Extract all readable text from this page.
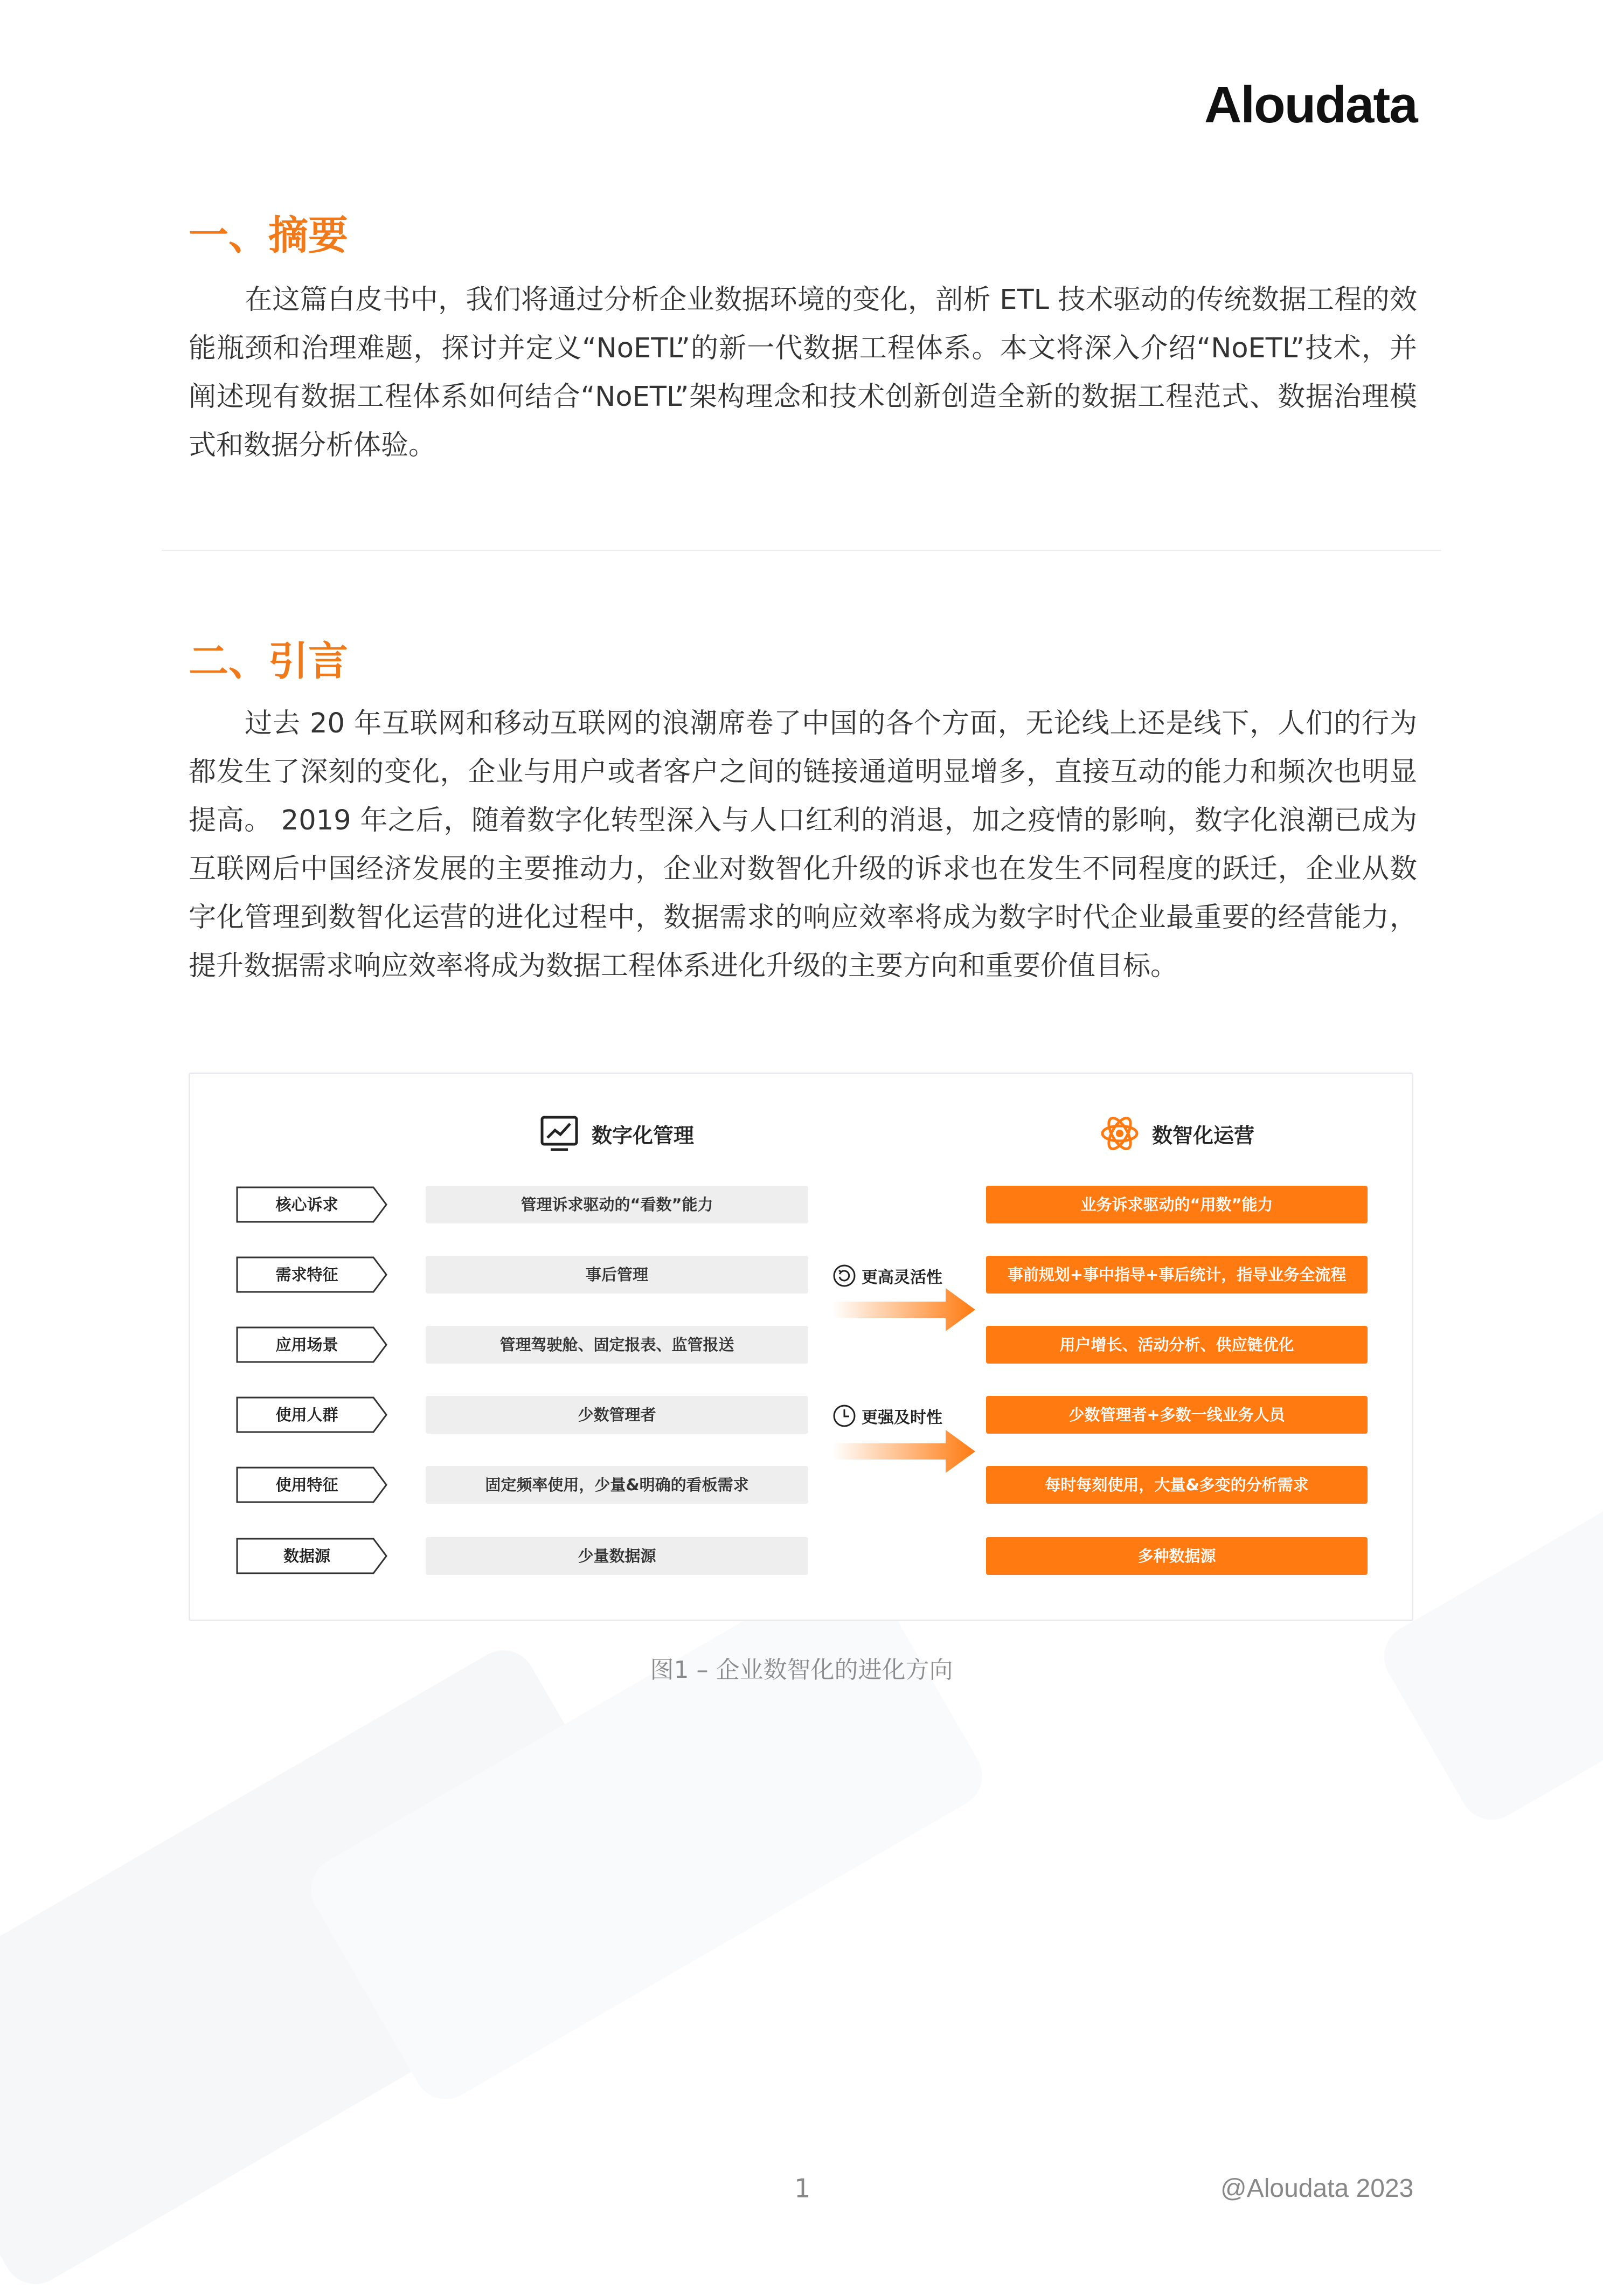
Aloudata
一、摘要

在这篇白皮书中，我们将通过分析企业数据环境的变化，剖析 ETL 技术驱动的传统数据工程的效能瓶颈和治理难题，探讨并定义“NoETL”的新一代数据工程体系。本文将深入介绍“NoETL”技术，并阐述现有数据工程体系如何结合“NoETL”架构理念和技术创新创造全新的数据工程范式、数据治理模式和数据分析体验。

二、引言

过去 20 年互联网和移动互联网的浪潮席卷了中国的各个方面，无论线上还是线下，人们的行为都发生了深刻的变化，企业与用户或者客户之间的链接通道明显增多，直接互动的能力和频次也明显提高。 2019 年之后，随着数字化转型深入与人口红利的消退，加之疫情的影响，数字化浪潮已成为互联网后中国经济发展的主要推动力，企业对数智化升级的诉求也在发生不同程度的跃迁，企业从数字化管理到数智化运营的进化过程中，数据需求的响应效率将成为数字时代企业最重要的经营能力，提升数据需求响应效率将成为数据工程体系进化升级的主要方向和重要价值目标。

数字化管理	数智化运营
核心诉求
需求特征
应用场景
使用人群
使用特征
数据源
管理诉求驱动的“看数”能力
事后管理
管理驾驶舱、固定报表、监管报送
少数管理者
固定频率使用，少量&明确的看板需求
少量数据源
业务诉求驱动的“用数”能力
事前规划+事中指导+事后统计，指导业务全流程
用户增长、活动分析、供应链优化
少数管理者+多数一线业务人员
每时每刻使用，大量&多变的分析需求
多种数据源
更高灵活性
更强及时性
图1 – 企业数智化的进化方向
1	@Aloudata 2023
